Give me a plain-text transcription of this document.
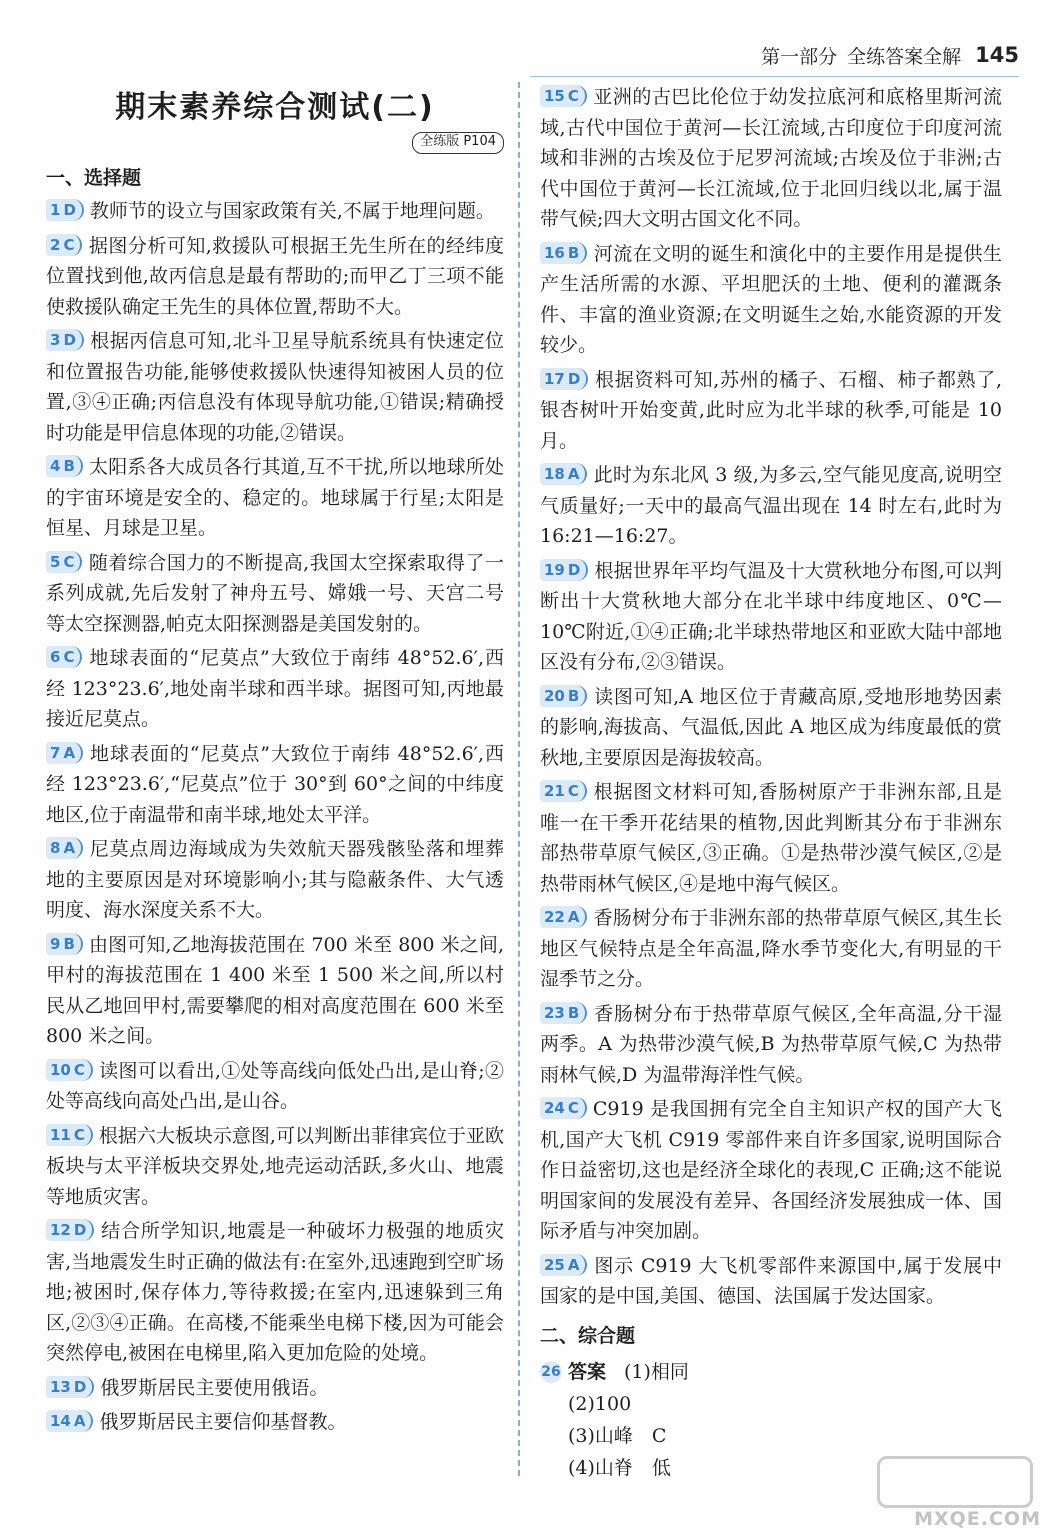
第一部分 全练答案全解 145
期末素养综合测试(二)
全练版 P104
一、选择题
1 D 教师节的设立与国家政策有关,不属于地理问题。
2 C 据图分析可知,救援队可根据王先生所在的经纬度位置找到他,故丙信息是最有帮助的;而甲乙丁三项不能使救援队确定王先生的具体位置,帮助不大。
3 D 根据丙信息可知,北斗卫星导航系统具有快速定位和位置报告功能,能够使救援队快速得知被困人员的位置,③④正确;丙信息没有体现导航功能,①错误;精确授时功能是甲信息体现的功能,②错误。
4 B 太阳系各大成员各行其道,互不干扰,所以地球所处的宇宙环境是安全的、稳定的。地球属于行星;太阳是恒星、月球是卫星。
5 C 随着综合国力的不断提高,我国太空探索取得了一系列成就,先后发射了神舟五号、嫦娥一号、天宫二号等太空探测器,帕克太阳探测器是美国发射的。
6 C 地球表面的“尼莫点”大致位于南纬 48°52.6′,西经 123°23.6′,地处南半球和西半球。据图可知,丙地最接近尼莫点。
7 A 地球表面的“尼莫点”大致位于南纬 48°52.6′,西经 123°23.6′,“尼莫点”位于 30°到 60°之间的中纬度地区,位于南温带和南半球,地处太平洋。
8 A 尼莫点周边海域成为失效航天器残骸坠落和埋葬地的主要原因是对环境影响小;其与隐蔽条件、大气透明度、海水深度关系不大。
9 B 由图可知,乙地海拔范围在 700 米至 800 米之间,甲村的海拔范围在 1 400 米至 1 500 米之间,所以村民从乙地回甲村,需要攀爬的相对高度范围在 600 米至 800 米之间。
10 C 读图可以看出,①处等高线向低处凸出,是山脊;②处等高线向高处凸出,是山谷。
11 C 根据六大板块示意图,可以判断出菲律宾位于亚欧板块与太平洋板块交界处,地壳运动活跃,多火山、地震等地质灾害。
12 D 结合所学知识,地震是一种破坏力极强的地质灾害,当地震发生时正确的做法有:在室外,迅速跑到空旷场地;被困时,保存体力,等待救援;在室内,迅速躲到三角区,②③④正确。在高楼,不能乘坐电梯下楼,因为可能会突然停电,被困在电梯里,陷入更加危险的处境。
13 D 俄罗斯居民主要使用俄语。
14 A 俄罗斯居民主要信仰基督教。
15 C 亚洲的古巴比伦位于幼发拉底河和底格里斯河流域,古代中国位于黄河—长江流域,古印度位于印度河流域和非洲的古埃及位于尼罗河流域;古埃及位于非洲;古代中国位于黄河—长江流域,位于北回归线以北,属于温带气候;四大文明古国文化不同。
16 B 河流在文明的诞生和演化中的主要作用是提供生产生活所需的水源、平坦肥沃的土地、便利的灌溉条件、丰富的渔业资源;在文明诞生之始,水能资源的开发较少。
17 D 根据资料可知,苏州的橘子、石榴、柿子都熟了,银杏树叶开始变黄,此时应为北半球的秋季,可能是 10 月。
18 A 此时为东北风 3 级,为多云,空气能见度高,说明空气质量好;一天中的最高气温出现在 14 时左右,此时为 16:21—16:27。
19 D 根据世界年平均气温及十大赏秋地分布图,可以判断出十大赏秋地大部分在北半球中纬度地区、0℃—10℃附近,①④正确;北半球热带地区和亚欧大陆中部地区没有分布,②③错误。
20 B 读图可知,A 地区位于青藏高原,受地形地势因素的影响,海拔高、气温低,因此 A 地区成为纬度最低的赏秋地,主要原因是海拔较高。
21 C 根据图文材料可知,香肠树原产于非洲东部,且是唯一在干季开花结果的植物,因此判断其分布于非洲东部热带草原气候区,③正确。①是热带沙漠气候区,②是热带雨林气候区,④是地中海气候区。
22 A 香肠树分布于非洲东部的热带草原气候区,其生长地区气候特点是全年高温,降水季节变化大,有明显的干湿季节之分。
23 B 香肠树分布于热带草原气候区,全年高温,分干湿两季。A 为热带沙漠气候,B 为热带草原气候,C 为热带雨林气候,D 为温带海洋性气候。
24 C C919 是我国拥有完全自主知识产权的国产大飞机,国产大飞机 C919 零部件来自许多国家,说明国际合作日益密切,这也是经济全球化的表现,C 正确;这不能说明国家间的发展没有差异、各国经济发展独成一体、国际矛盾与冲突加剧。
25 A 图示 C919 大飞机零部件来源国中,属于发展中国家的是中国,美国、德国、法国属于发达国家。
二、综合题
26 答案 (1)相同
(2)100
(3)山峰　C
(4)山脊　低
MXQE.COM
